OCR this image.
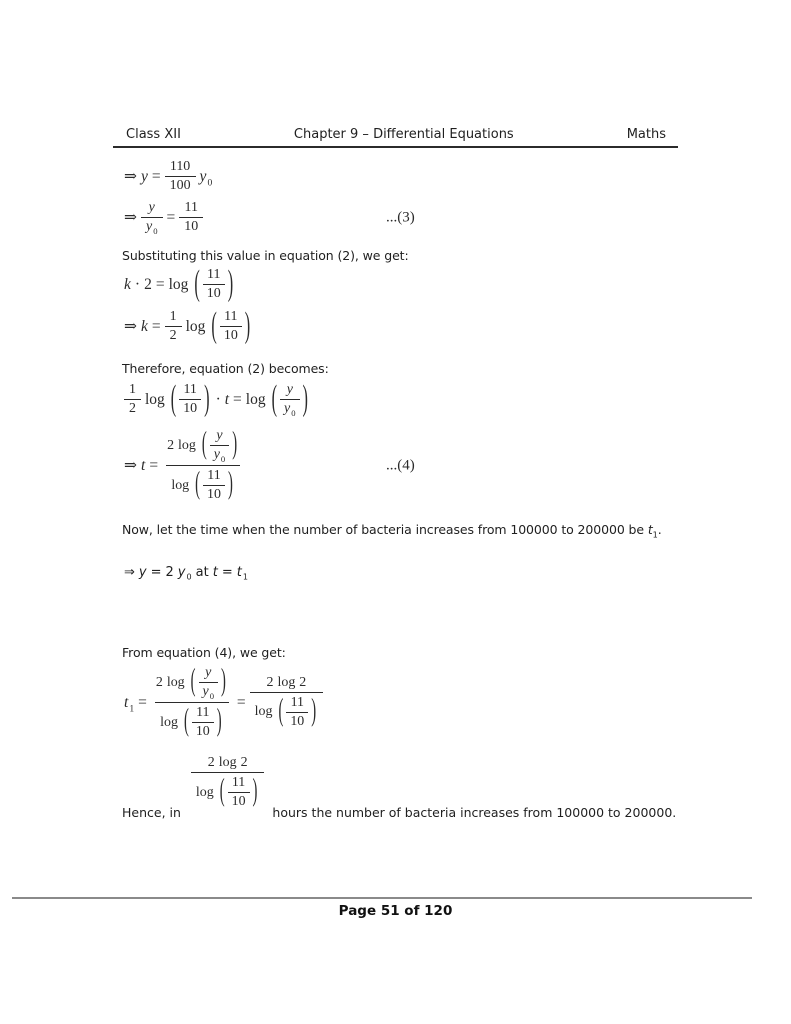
Class XII	Chapter 9 – Differential Equations	Maths
⇒ $y = \frac{110}{100}$ y 0
⇒ $\frac{y}{y 0} = \frac{11}{10}$	...(3)

Substituting this value in equation (2), we get:

k · 2 = log ( $\frac{11}{10}$ )
⇒ $k = \frac{1}{2}$ log ( $\frac{11}{10}$ )

Therefore, equation (2) becomes:

$\frac{1}{2}$ log ( $\frac{11}{10}$ ) · t = log ( $\frac{y}{y 0}$ )
⇒ $t = \frac{2 \log ( \frac{y}{y 0} )}{\log ( \frac{11}{10} )}$	...(4)

Now, let the time when the number of bacteria increases from 100000 to 200000 be $t_1$.

⇒ y = 2 y 0 at t = t 1

From equation (4), we get:

t $1 = \frac{2 \log ( \frac{y}{y 0} )}{\log ( \frac{11}{10} )} = \frac{2 \log 2}{\log ( \frac{11}{10} )}$
Hence, in
$\frac{2 \log 2}{\log ( \frac{11}{10} )}$
hours the number of bacteria increases from 100000 to 200000.
Page 51 of 120
